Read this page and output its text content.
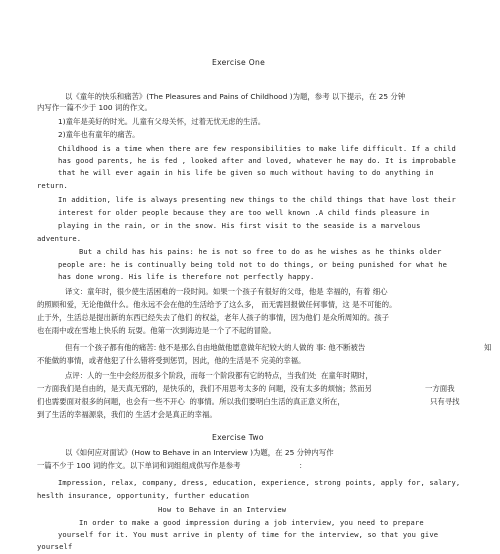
Exercise One

以《童年的快乐和痛苦》(The Pleasures and Pains of Childhood )为题，参考 以下提示，在 25 分钟

内写作一篇不少于 100 词的作文。

1)童年是美好的时光。儿童有父母关怀，过着无忧无虑的生活。

2)童年也有童年的痛苦。

Childhood is a time when there are few responsibilities to make life difficult. If a child

has good parents, he is fed , looked after and loved, whatever he may do. It is improbable

that he will ever again in his life be given so much without having to do anything in

return.

In addition, life is always presenting new things to the child things that have lost their

interest for older people because they are too well known .A child finds pleasure in

playing in the rain, or in the snow. His first visit to the seaside is a marvelous

adventure.

But a child has his pains: he is not so free to do as he wishes as he thinks older

people are: he is continually being told not to do things, or being punished for what he

has done wrong. His life is therefore not perfectly happy.

译文：童年时，很少使生活困难的一段时间。如果一个孩子有很好的父母，他是 幸福的，有着 细心

的照顾和爱，无论他做什么。他永远不会在他的生活给予了这么多， 而无需回报做任何事情，这 是不可能的。

止于外，生活总是提出新的东西已经失去了他们 的权益，老年人孩子的事情，因为他们 是众所周知的。孩子

也在雨中或在雪地上快乐的 玩耍。他第一次到海边是一个了不起的冒险。

但有一个孩子都有他的痛苦: 他不是那么自由地做他愿意做年纪较大的人做的 事: 他不断被告	知

不能做的事情，或者他犯了什么错将受到惩罚，因此，他的生活是不 完美的幸福。

点评：人的一生中会经历很多个阶段，而每一个阶段都有它的特点，当我们处  在童年时期时，

一方面我们是自由的，是天真无邪的，是快乐的，我们不用思考太多的 问题，没有太多的烦恼；然而另	一方面我

们也需要面对很多的问题，也会有一些不开心  的事情。所以我们要明白生活的真正意义所在，	只有寻找

到了生活的幸福源泉，我们的 生活才会是真正的幸福。

Exercise Two

以《如何应对面试》(How to Behave in an Interview )为题，在 25 分钟内写作

一篇不少于 100 词的作文。以下单词和词组组成供写作是参考	：

Impression, relax, company, dress, education, experience, strong points, apply for, salary,

heslth insurance, opportunity, further education

How to Behave in an Interview

In order to make a good impression during a job interview, you need to prepare

yourself for it. You must arrive in plenty of time for the interview, so that you give

yourself
